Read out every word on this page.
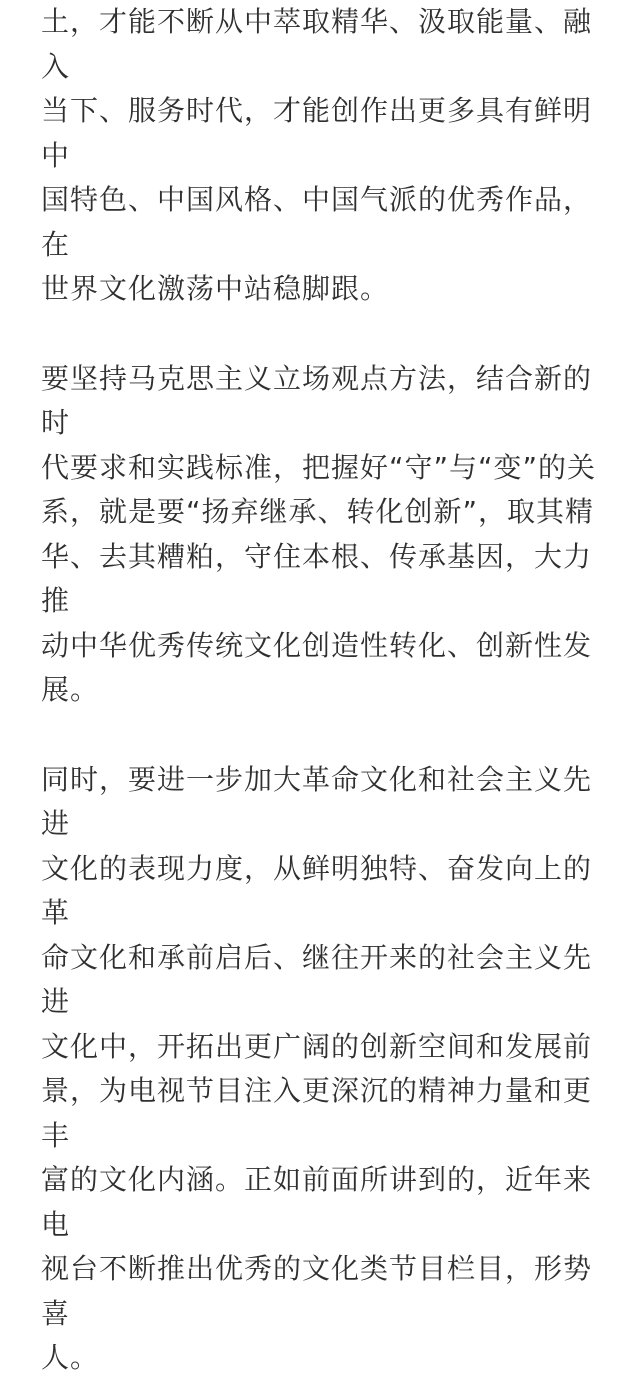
土，才能不断从中萃取精华、汲取能量、融入
当下、服务时代，才能创作出更多具有鲜明中
国特色、中国风格、中国气派的优秀作品，在
世界文化激荡中站稳脚跟。

要坚持马克思主义立场观点方法，结合新的时
代要求和实践标准，把握好“守”与“变”的关
系，就是要“扬弃继承、转化创新”，取其精
华、去其糟粕，守住本根、传承基因，大力推
动中华优秀传统文化创造性转化、创新性发
展。

同时，要进一步加大革命文化和社会主义先进
文化的表现力度，从鲜明独特、奋发向上的革
命文化和承前启后、继往开来的社会主义先进
文化中，开拓出更广阔的创新空间和发展前
景，为电视节目注入更深沉的精神力量和更丰
富的文化内涵。正如前面所讲到的，近年来电
视台不断推出优秀的文化类节目栏目，形势喜
人。
